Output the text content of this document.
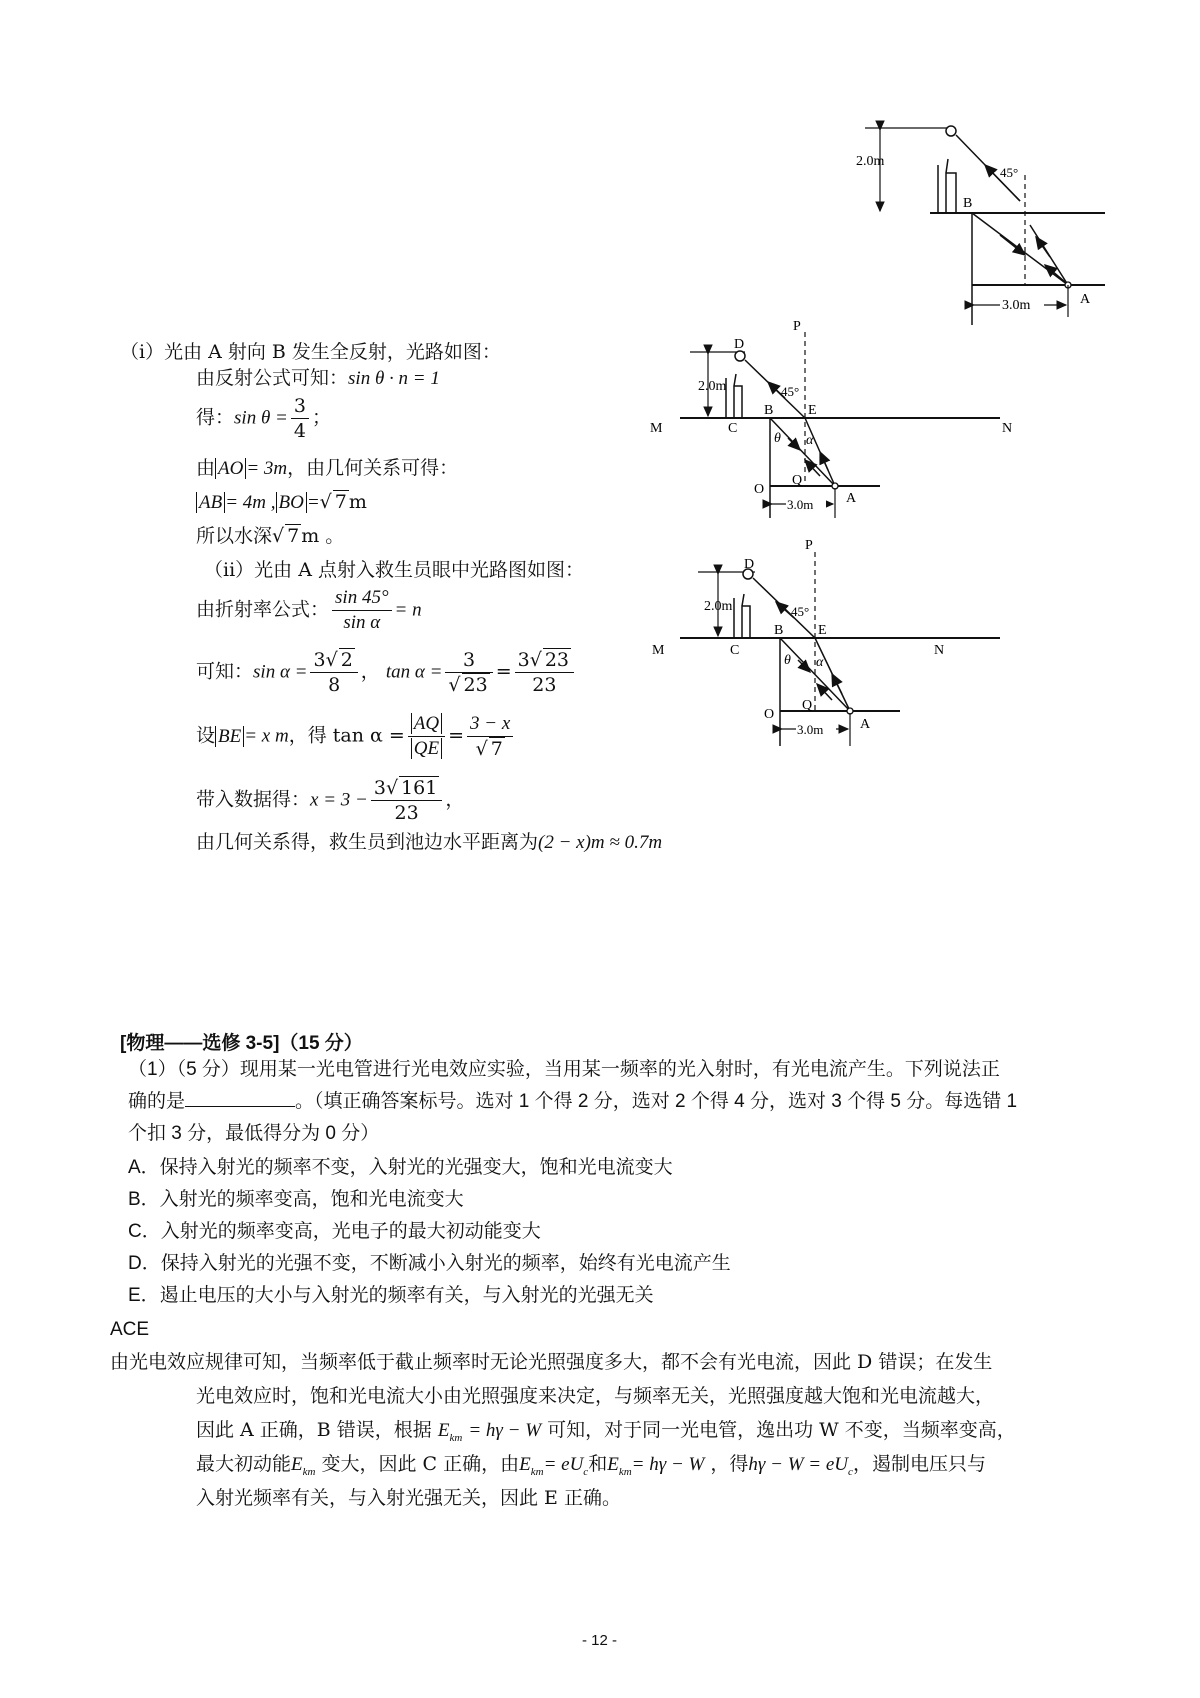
2.0m
45°
B
A
3.0m
M	N
O
2.0m
D
P
45°
C
B E
θ α
Q
A
3.0m
M	N
O
2.0m
D
P
45°
C
B E
θ α
Q
A
3.0m
（i）光由 A 射向 B 发生全反射，光路如图：
由反射公式可知：sin θ · n = 1
得：$\sin \theta = \frac{3}{4}$ ；
由 AO = 3m，由几何关系可得：
AB = 4m , BO =√ 7 m
所以水深√ 7 m 。
（ii）光由 A 点射入救生员眼中光路图如图：
由折射率公式： $\frac{\sin 45^\circ}{\text{sin α}} = n$
可知：$\sin \alpha = \frac{3√ 2}{8}$ ， $\tan \alpha = \frac{3}{√ 23} = \frac{3√ 23}{23}$
设 BE = x m，得 $\tan \alpha = \frac{AQ}{QE} = \frac{3 - x}{√ 7}$
带入数据得：$x = 3 - \frac{3√ 161}{23}$ ，
由几何关系得，救生员到池边水平距离为(2 − x)m ≈ 0.7m
[物理——选修 3-5]（15 分）
（1）（5 分）现用某一光电管进行光电效应实验，当用某一频率的光入射时，有光电流产生。下列说法正
确的是	。（填正确答案标号。选对 1 个得 2 分，选对 2 个得 4 分，选对 3 个得 5 分。每选错 1
个扣 3 分，最低得分为 0 分）
A．保持入射光的频率不变，入射光的光强变大，饱和光电流变大
B．入射光的频率变高，饱和光电流变大
C．入射光的频率变高，光电子的最大初动能变大
D．保持入射光的光强不变，不断减小入射光的频率，始终有光电流产生
E．遏止电压的大小与入射光的频率有关，与入射光的光强无关
ACE
由光电效应规律可知，当频率低于截止频率时无论光照强度多大，都不会有光电流，因此 D 错误；在发生
光电效应时，饱和光电流大小由光照强度来决定，与频率无关，光照强度越大饱和光电流越大，
因此 A 正确，B 错误，根据 $E_{km} = h\gamma - W$ 可知，对于同一光电管，逸出功 W 不变，当频率变高，
最大初动能$E_{km}$ 变大，因此 C 正确，由$E_{km}= eU_c$和$E_{km}= h\gamma - W$ ，得$h\gamma - W = eU_c$，遏制电压只与
入射光频率有关，与入射光强无关，因此 E 正确。
- 12 -
